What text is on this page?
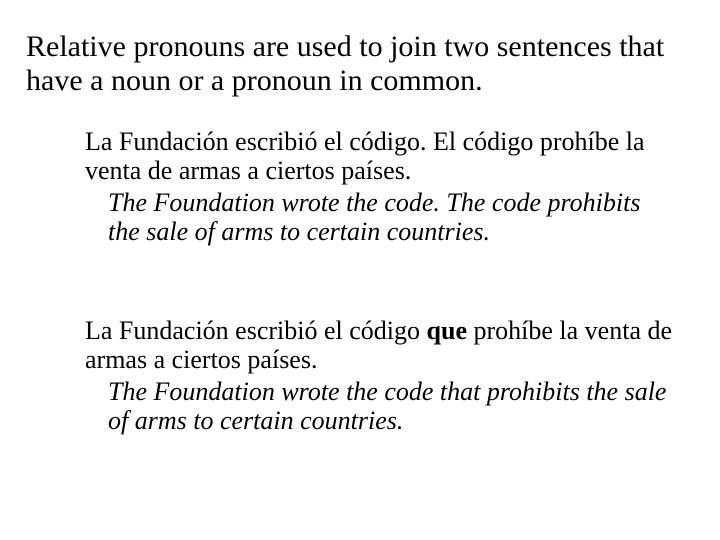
Relative pronouns are used to join two sentences that have a noun or a pronoun in common.

La Fundación escribió el código. El código prohíbe la venta de armas a ciertos países.

The Foundation wrote the code. The code prohibits the sale of arms to certain countries.

La Fundación escribió el código que prohíbe la venta de armas a ciertos países.

The Foundation wrote the code that prohibits the sale of arms to certain countries.
